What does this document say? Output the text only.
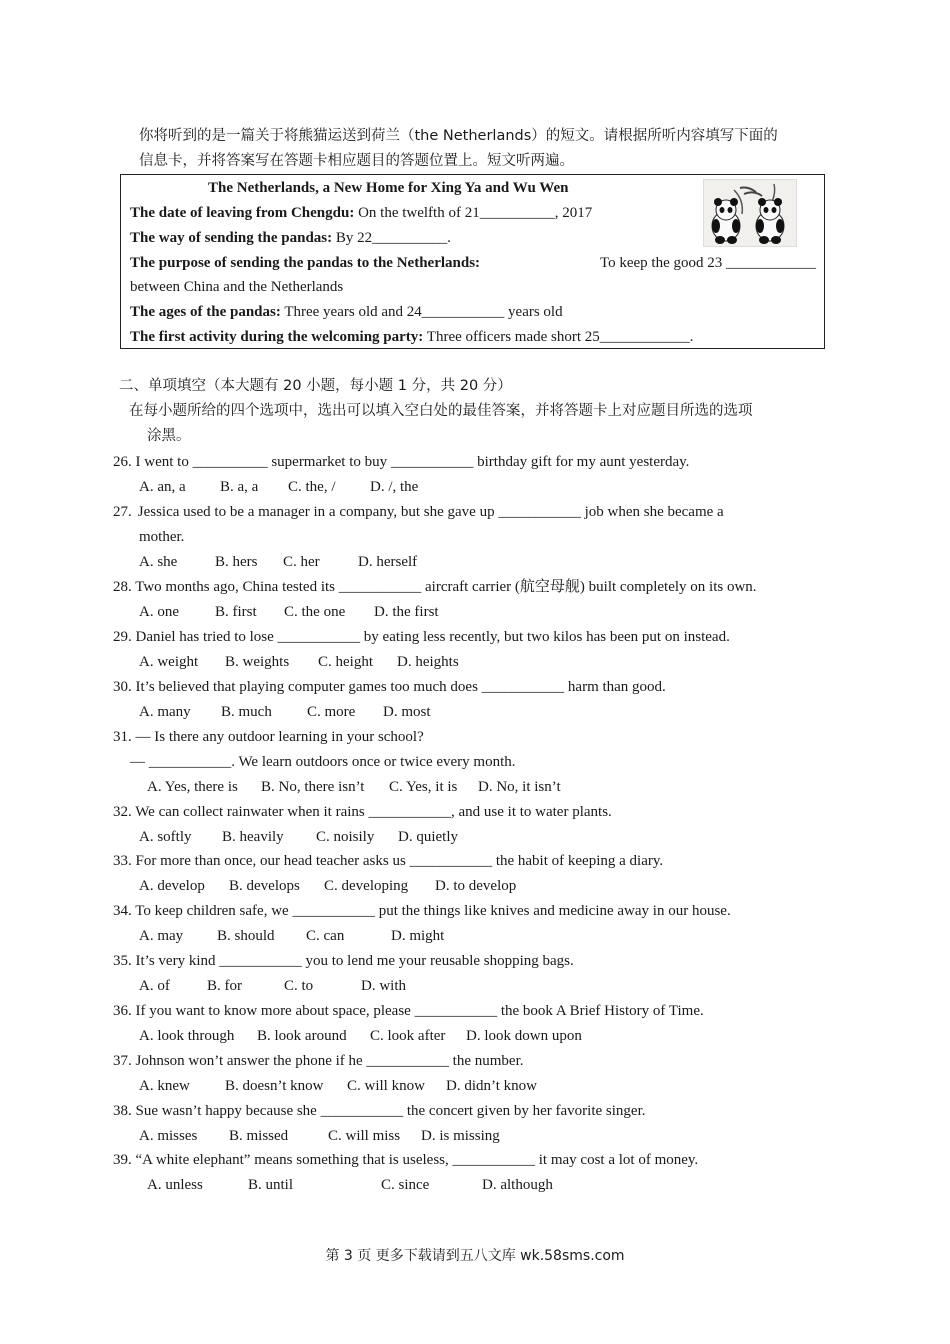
你将听到的是一篇关于将熊猫运送到荷兰（the Netherlands）的短文。请根据所听内容填写下面的
信息卡，并将答案写在答题卡相应题目的答题位置上。短文听两遍。
The Netherlands, a New Home for Xing Ya and Wu Wen
The date of leaving from Chengdu: On the twelfth of 21__________, 2017
The way of sending the pandas: By 22__________.
The purpose of sending the pandas to the Netherlands:	To keep the good 23 ____________
between China and the Netherlands
The ages of the pandas: Three years old and 24___________ years old
The first activity during the welcoming party: Three officers made short 25____________.
二、单项填空（本大题有 20 小题，每小题 1 分，共 20 分）
在每小题所给的四个选项中，选出可以填入空白处的最佳答案，并将答题卡上对应题目所选的选项
涂黑。
26. I went to __________ supermarket to buy ___________ birthday gift for my aunt yesterday.
A. an, a B. a, a C. the, / D. /, the
27. Jessica used to be a manager in a company, but she gave up ___________ job when she became a
mother.
A. she	B. hers C. her	D. herself
28. Two months ago, China tested its ___________ aircraft carrier (航空母舰) built completely on its own.
A. one B. first C. the one D. the first
29. Daniel has tried to lose ___________ by eating less recently, but two kilos has been put on instead.
A. weight B. weights C. height D. heights
30. It’s believed that playing computer games too much does ___________ harm than good.
A. many B. much C. more D. most
31. — Is there any outdoor learning in your school?
— ___________. We learn outdoors once or twice every month.
A. Yes, there is B. No, there isn’t C. Yes, it is D. No, it isn’t
32. We can collect rainwater when it rains ___________, and use it to water plants.
A. softly B. heavily C. noisily D. quietly
33. For more than once, our head teacher asks us ___________ the habit of keeping a diary.
A. develop B. develops C. developing D. to develop
34. To keep children safe, we ___________ put the things like knives and medicine away in our house.
A. may B. should C. can	D. might
35. It’s very kind ___________ you to lend me your reusable shopping bags.
A. of B. for	C. to	D. with
36. If you want to know more about space, please ___________ the book A Brief History of Time.
A. look through B. look around C. look after D. look down upon
37. Johnson won’t answer the phone if he ___________ the number.
A. knew B. doesn’t know C. will know D. didn’t know
38. Sue wasn’t happy because she ___________ the concert given by her favorite singer.
A. misses B. missed	C. will miss D. is missing
39. “A white elephant” means something that is useless, ___________ it may cost a lot of money.
A. unless	B. until	C. since	D. although
第 3 页 更多下载请到五八文库 wk.58sms.com
